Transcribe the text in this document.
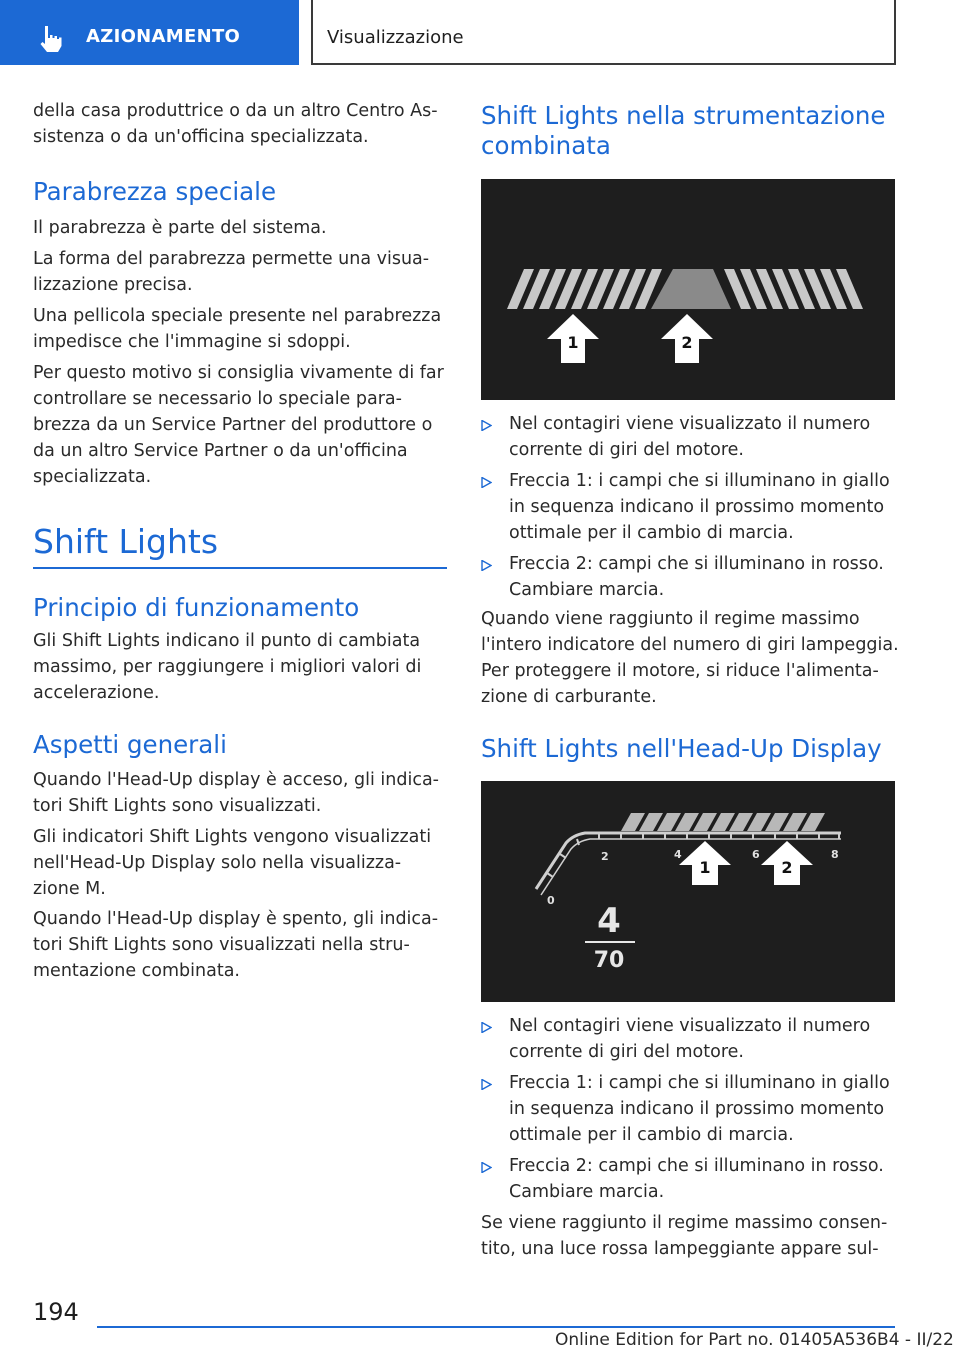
AZIONAMENTO	Visualizzazione
della casa produttrice o da un altro Centro As-
sistenza o da un'officina specializzata.
Parabrezza speciale
Il parabrezza è parte del sistema.
La forma del parabrezza permette una visua-
lizzazione precisa.
Una pellicola speciale presente nel parabrezza
impedisce che l'immagine si sdoppi.
Per questo motivo si consiglia vivamente di far
controllare se necessario lo speciale para-
brezza da un Service Partner del produttore o
da un altro Service Partner o da un'officina
specializzata.
Shift Lights
Principio di funzionamento
Gli Shift Lights indicano il punto di cambiata
massimo, per raggiungere i migliori valori di
accelerazione.
Aspetti generali
Quando l'Head-Up display è acceso, gli indica-
tori Shift Lights sono visualizzati.
Gli indicatori Shift Lights vengono visualizzati
nell'Head-Up Display solo nella visualizza-
zione M.
Quando l'Head-Up display è spento, gli indica-
tori Shift Lights sono visualizzati nella stru-
mentazione combinata.
Shift Lights nella strumentazione
combinata
1	2
Nel contagiri viene visualizzato il numero
corrente di giri del motore.
Freccia 1: i campi che si illuminano in giallo
in sequenza indicano il prossimo momento
ottimale per il cambio di marcia.
Freccia 2: campi che si illuminano in rosso.
Cambiare marcia.
Quando viene raggiunto il regime massimo
l'intero indicatore del numero di giri lampeggia.
Per proteggere il motore, si riduce l'alimenta-
zione di carburante.
Shift Lights nell'Head-Up Display
0
2	4	6	8
1	2
4
70
Nel contagiri viene visualizzato il numero
corrente di giri del motore.
Freccia 1: i campi che si illuminano in giallo
in sequenza indicano il prossimo momento
ottimale per il cambio di marcia.
Freccia 2: campi che si illuminano in rosso.
Cambiare marcia.
Se viene raggiunto il regime massimo consen-
tito, una luce rossa lampeggiante appare sul-
194
Online Edition for Part no. 01405A536B4 - II/22
